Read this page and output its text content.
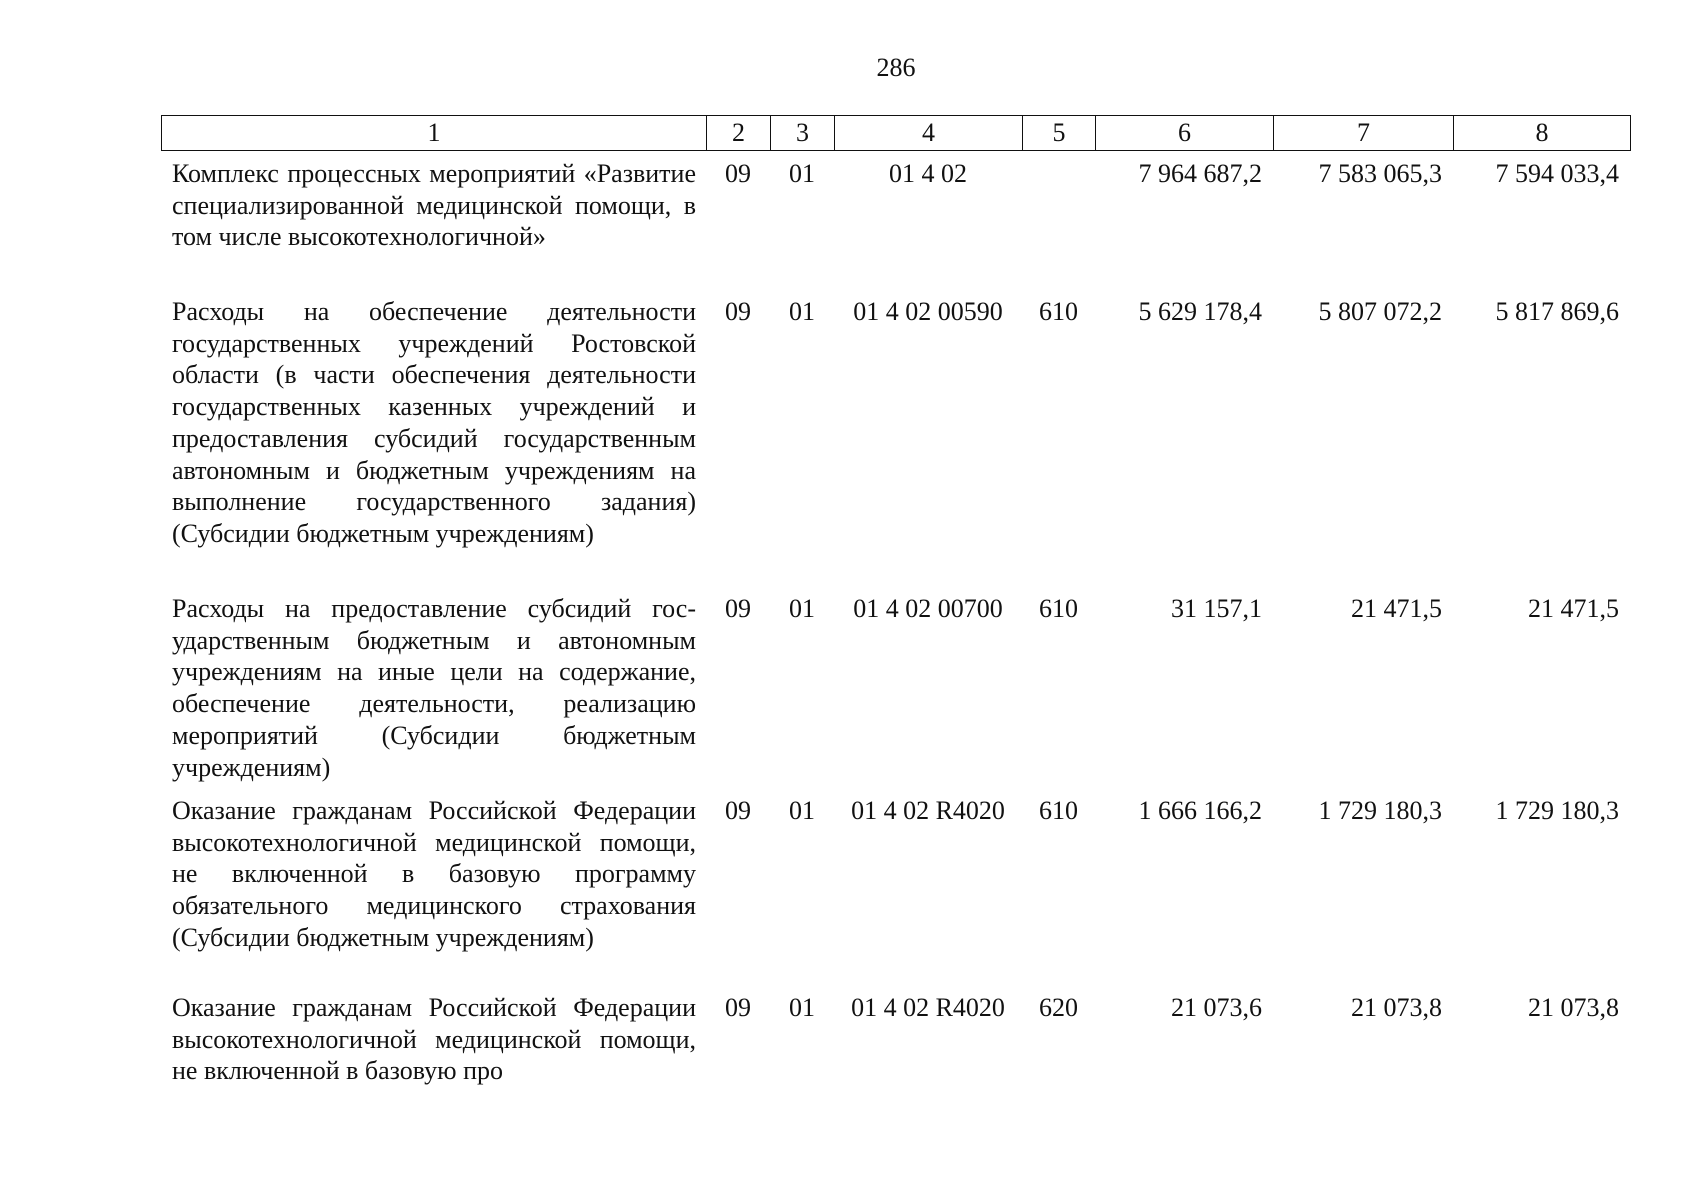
286
1	2	3	4	5	6	7	8
Комплекс процессных мероприятий «Развитие специализированной медицинской помощи, в том числе высокотехнологичной»	09	01	01 4 02		7 964 687,2	7 583 065,3	7 594 033,4
Расходы на обеспечение деятельности государственных учреждений Ростовской области (в части обеспечения деятельности государственных казенных учреждений и предоставления субсидий государственным автономным и бюджетным учреждениям на выполнение государственного задания) (Субсидии бюджетным учреждениям)	09	01	01 4 02 00590	610	5 629 178,4	5 807 072,2	5 817 869,6
Расходы на предоставление субсидий государственным бюджетным и автономным учреждениям на иные цели на содержание, обеспечение деятельности, реализацию мероприятий (Субсидии бюджетным учреждениям)	09	01	01 4 02 00700	610	31 157,1	21 471,5	21 471,5
Оказание гражданам Российской Федерации высокотехнологичной медицинской помощи, не включенной в базовую программу обязательного медицинского страхования (Субсидии бюджетным учреждениям)	09	01	01 4 02 R4020	610	1 666 166,2	1 729 180,3	1 729 180,3
Оказание гражданам Российской Федерации высокотехнологичной медицинской помощи, не включенной в базовую про	09	01	01 4 02 R4020	620	21 073,6	21 073,8	21 073,8
